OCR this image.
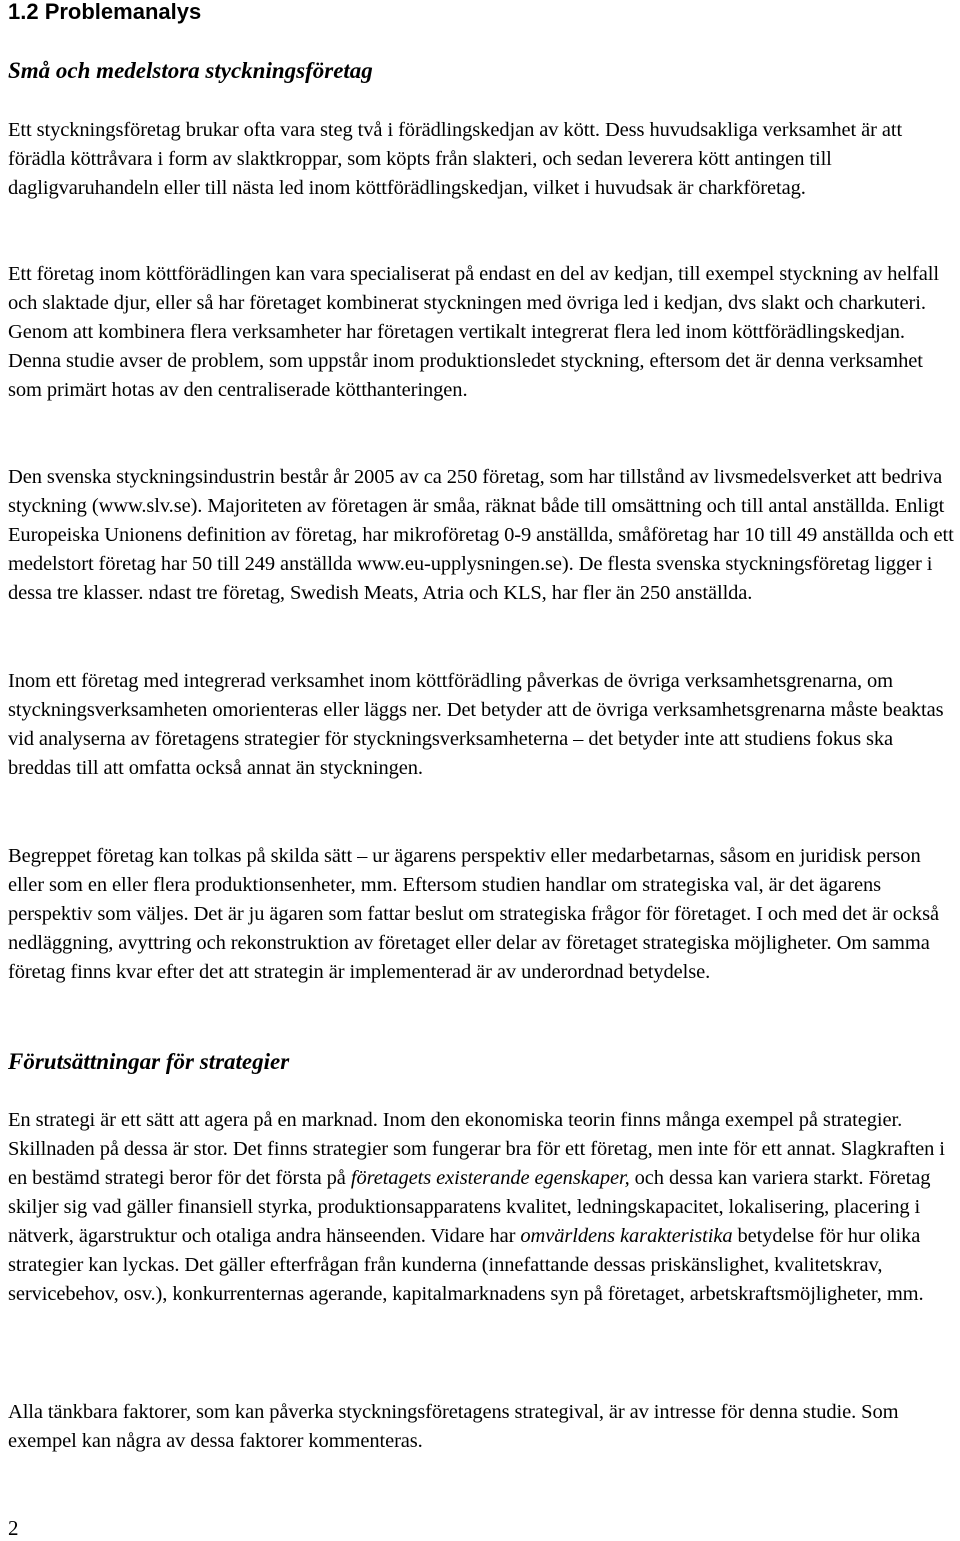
1.2 Problemanalys
Små och medelstora styckningsföretag

Ett styckningsföretag brukar ofta vara steg två i förädlingskedjan av kött. Dess huvudsakliga verksamhet är att förädla köttråvara i form av slaktkroppar, som köpts från slakteri, och sedan leverera kött antingen till dagligvaruhandeln eller till nästa led inom köttförädlingskedjan, vilket i huvudsak är charkföretag.

Ett företag inom köttförädlingen kan vara specialiserat på endast en del av kedjan, till exempel styckning av helfall och slaktade djur, eller så har företaget kombinerat styckningen med övriga led i kedjan, dvs slakt och charkuteri. Genom att kombinera flera verksamheter har företagen vertikalt integrerat flera led inom köttförädlingskedjan. Denna studie avser de problem, som uppstår inom produktionsledet styckning, eftersom det är denna verksamhet som primärt hotas av den centraliserade kötthanteringen.

Den svenska styckningsindustrin består år 2005 av ca 250 företag, som har tillstånd av livsmedelsverket att bedriva styckning (www.slv.se). Majoriteten av företagen är småa, räknat både till omsättning och till antal anställda. Enligt Europeiska Unionens definition av företag, har mikroföretag 0-9 anställda, småföretag har 10 till 49 anställda och ett medelstort företag har 50 till 249 anställda www.eu-upplysningen.se). De flesta svenska styckningsföretag ligger i dessa tre klasser. ndast tre företag, Swedish Meats, Atria och KLS, har fler än 250 anställda.

Inom ett företag med integrerad verksamhet inom köttförädling påverkas de övriga verksamhetsgrenarna, om styckningsverksamheten omorienteras eller läggs ner. Det betyder att de övriga verksamhetsgrenarna måste beaktas vid analyserna av företagens strategier för styckningsverksamheterna – det betyder inte att studiens fokus ska breddas till att omfatta också annat än styckningen.

Begreppet företag kan tolkas på skilda sätt – ur ägarens perspektiv eller medarbetarnas, såsom en juridisk person eller som en eller flera produktionsenheter, mm. Eftersom studien handlar om strategiska val, är det ägarens perspektiv som väljes. Det är ju ägaren som fattar beslut om strategiska frågor för företaget. I och med det är också nedläggning, avyttring och rekonstruktion av företaget eller delar av företaget strategiska möjligheter. Om samma företag finns kvar efter det att strategin är implementerad är av underordnad betydelse.

Förutsättningar för strategier

En strategi är ett sätt att agera på en marknad. Inom den ekonomiska teorin finns många exempel på strategier. Skillnaden på dessa är stor. Det finns strategier som fungerar bra för ett företag, men inte för ett annat. Slagkraften i en bestämd strategi beror för det första på företagets existerande egenskaper, och dessa kan variera starkt. Företag skiljer sig vad gäller finansiell styrka, produktionsapparatens kvalitet, ledningskapacitet, lokalisering, placering i nätverk, ägarstruktur och otaliga andra hänseenden. Vidare har omvärldens karakteristika betydelse för hur olika strategier kan lyckas. Det gäller efterfrågan från kunderna (innefattande dessas priskänslighet, kvalitetskrav, servicebehov, osv.), konkurrenternas agerande, kapitalmarknadens syn på företaget, arbetskraftsmöjligheter, mm.

Alla tänkbara faktorer, som kan påverka styckningsföretagens strategival, är av intresse för denna studie. Som exempel kan några av dessa faktorer kommenteras.

2
